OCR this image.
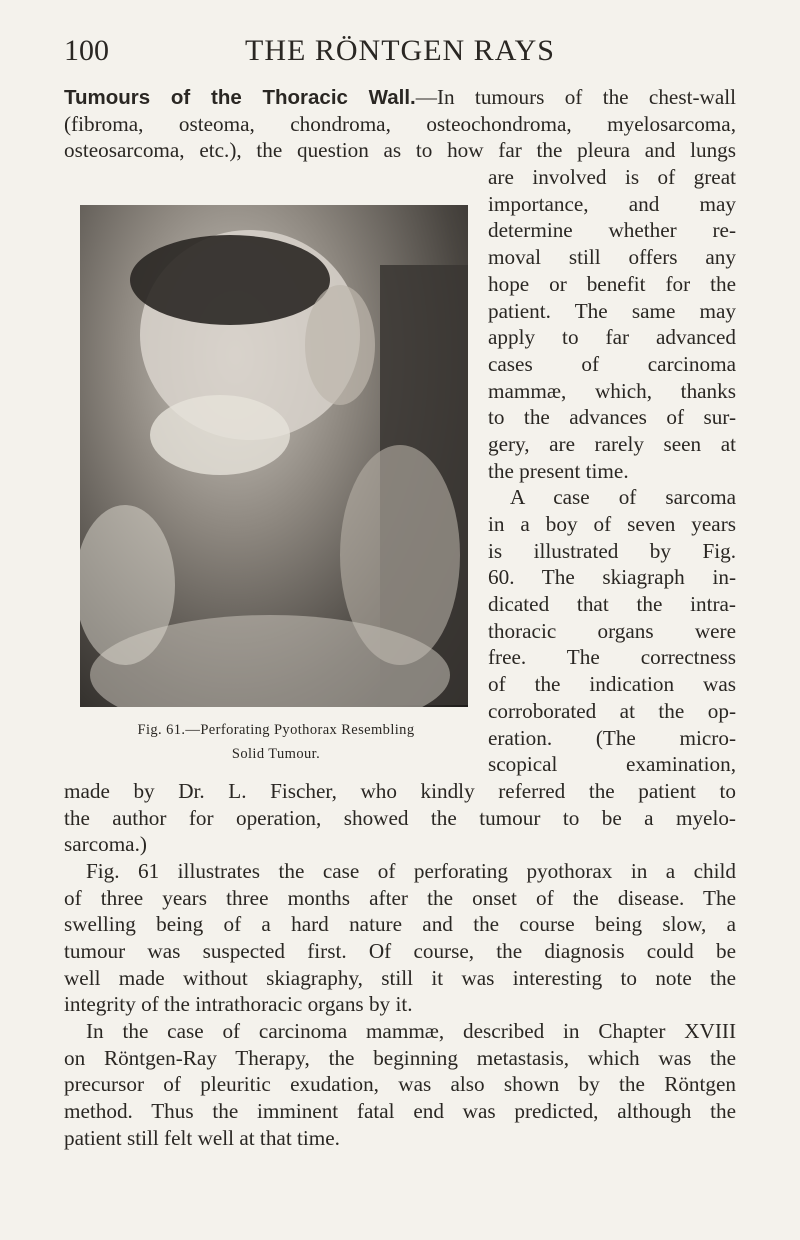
100	THE RÖNTGEN RAYS
Fig. 61.—Perforating Pyothorax Resembling
Solid Tumour.
Tumours of the Thoracic Wall.—In tumours of the chest-wall
(fibroma, osteoma, chondroma, osteochondroma, myelosarcoma,
osteosarcoma, etc.), the question as to how far the pleura and lungs
are involved is of great
importance, and may
determine whether re-
moval still offers any
hope or benefit for the
patient. The same may
apply to far advanced
cases of carcinoma
mammæ, which, thanks
to the advances of sur-
gery, are rarely seen at
the present time.
A case of sarcoma
in a boy of seven years
is illustrated by Fig.
60. The skiagraph in-
dicated that the intra-
thoracic organs were
free. The correctness
of the indication was
corroborated at the op-
eration. (The micro-
scopical examination,
made by Dr. L. Fischer, who kindly referred the patient to
the author for operation, showed the tumour to be a myelo-
sarcoma.)
Fig. 61 illustrates the case of perforating pyothorax in a child
of three years three months after the onset of the disease. The
swelling being of a hard nature and the course being slow, a
tumour was suspected first. Of course, the diagnosis could be
well made without skiagraphy, still it was interesting to note the
integrity of the intrathoracic organs by it.
In the case of carcinoma mammæ, described in Chapter XVIII
on Röntgen-Ray Therapy, the beginning metastasis, which was the
precursor of pleuritic exudation, was also shown by the Röntgen
method. Thus the imminent fatal end was predicted, although the
patient still felt well at that time.
